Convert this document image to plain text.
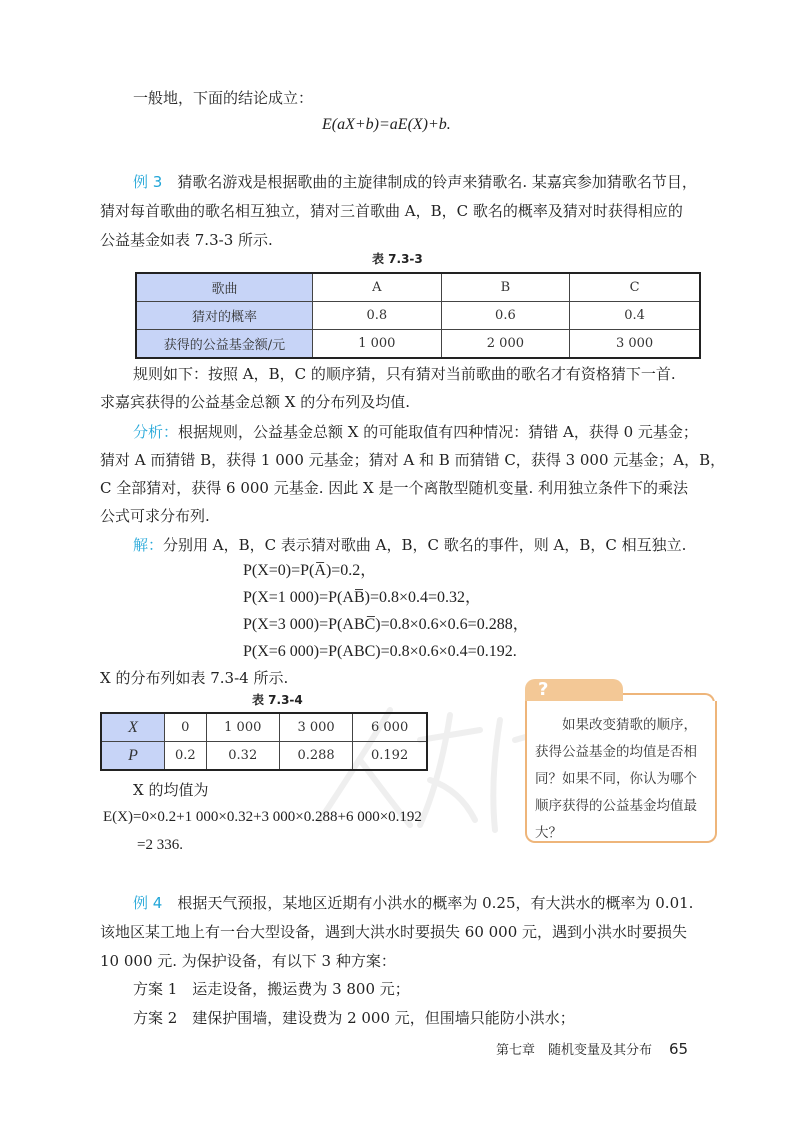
一般地，下面的结论成立：
E(aX+b)=aE(X)+b.
例 3　 猜歌名游戏是根据歌曲的主旋律制成的铃声来猜歌名. 某嘉宾参加猜歌名节目，
猜对每首歌曲的歌名相互独立，猜对三首歌曲 A，B，C 歌名的概率及猜对时获得相应的
公益基金如表 7.3-3 所示.
表 7.3-3
歌曲	A	B	C
猜对的概率	0.8	0.6	0.4
获得的公益基金额/元	1 000	2 000	3 000
规则如下：按照 A，B，C 的顺序猜，只有猜对当前歌曲的歌名才有资格猜下一首.
求嘉宾获得的公益基金总额 X 的分布列及均值.
分析：根据规则，公益基金总额 X 的可能取值有四种情况：猜错 A，获得 0 元基金；
猜对 A 而猜错 B，获得 1 000 元基金；猜对 A 和 B 而猜错 C，获得 3 000 元基金；A，B，
C 全部猜对，获得 6 000 元基金. 因此 X 是一个离散型随机变量. 利用独立条件下的乘法
公式可求分布列.
解：分别用 A，B，C 表示猜对歌曲 A，B，C 歌名的事件，则 A，B，C 相互独立.
P(X=0)=P(A̅)=0.2，
P(X=1 000)=P(AB̅)=0.8×0.4=0.32，
P(X=3 000)=P(ABC̅)=0.8×0.6×0.6=0.288，
P(X=6 000)=P(ABC)=0.8×0.6×0.4=0.192.
X 的分布列如表 7.3-4 所示.
表 7.3-4
X	0	1 000	3 000	6 000
P	0.2	0.32	0.288	0.192
X 的均值为
E(X)=0×0.2+1 000×0.32+3 000×0.288+6 000×0.192
=2 336.
?
如果改变猜歌的顺序，获得公益基金的均值是否相同？如果不同，你认为哪个顺序获得的公益基金均值最大？
例 4　 根据天气预报，某地区近期有小洪水的概率为 0.25，有大洪水的概率为 0.01.
该地区某工地上有一台大型设备，遇到大洪水时要损失 60 000 元，遇到小洪水时要损失
10 000 元. 为保护设备，有以下 3 种方案：
方案 1　运走设备，搬运费为 3 800 元；
方案 2　建保护围墙，建设费为 2 000 元，但围墙只能防小洪水；
第七章　随机变量及其分布 65
